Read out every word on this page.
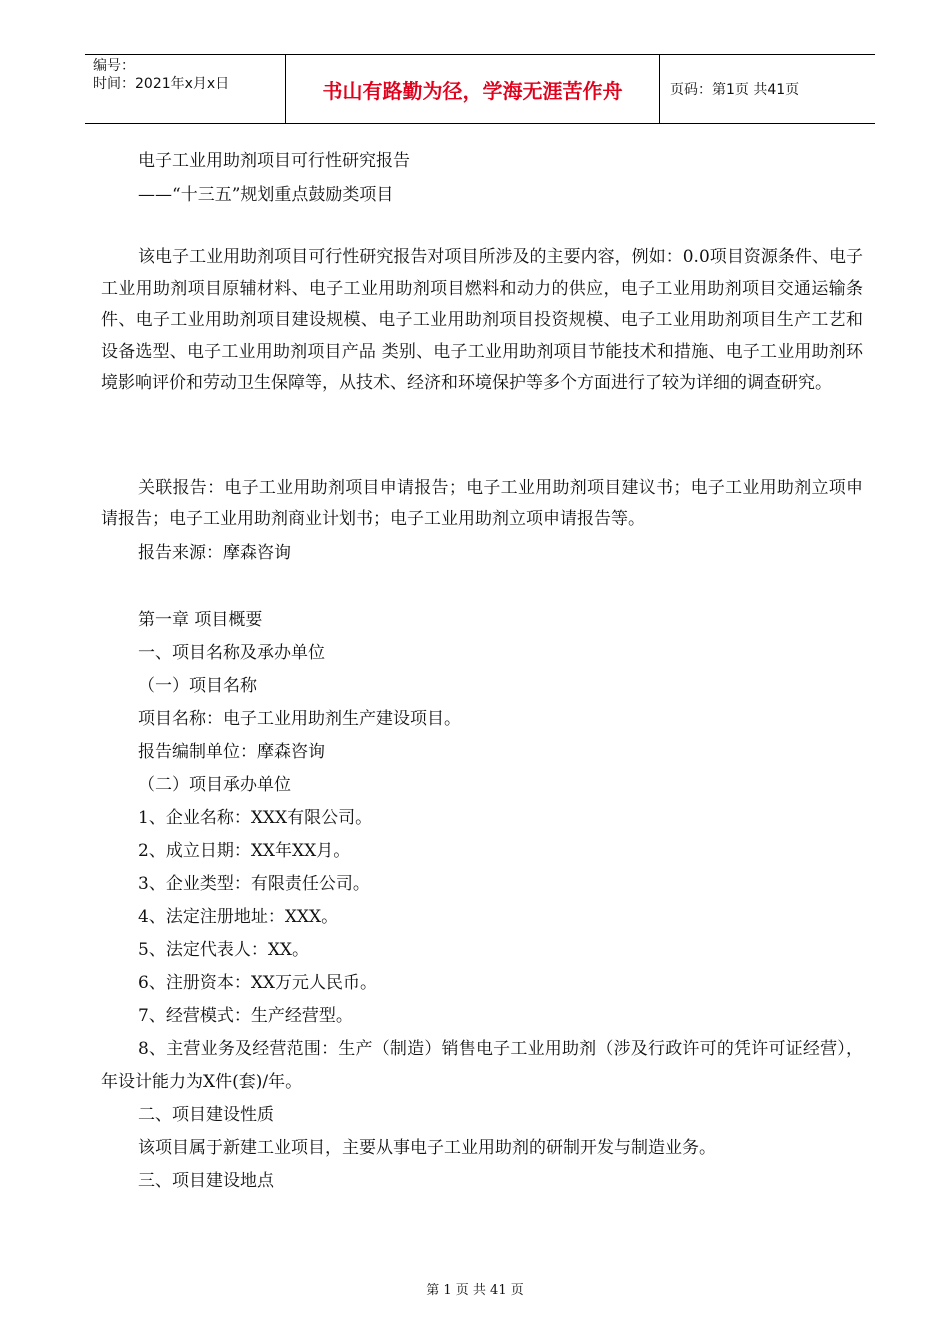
编号：
时间：2021年x月x日	书山有路勤为径，学海无涯苦作舟	页码：第1页 共41页

电子工业用助剂项目可行性研究报告

——“十三五”规划重点鼓励类项目

该电子工业用助剂项目可行性研究报告对项目所涉及的主要内容，例如：0.0项目资源条件、电子工业用助剂项目原辅材料、电子工业用助剂项目燃料和动力的供应，电子工业用助剂项目交通运输条件、电子工业用助剂项目建设规模、电子工业用助剂项目投资规模、电子工业用助剂项目生产工艺和设备选型、电子工业用助剂项目产品 类别、电子工业用助剂项目节能技术和措施、电子工业用助剂环境影响评价和劳动卫生保障等，从技术、经济和环境保护等多个方面进行了较为详细的调查研究。

关联报告：电子工业用助剂项目申请报告；电子工业用助剂项目建议书；电子工业用助剂立项申请报告；电子工业用助剂商业计划书；电子工业用助剂立项申请报告等。

报告来源：摩森咨询

第一章 项目概要

一、项目名称及承办单位

（一）项目名称

项目名称：电子工业用助剂生产建设项目。

报告编制单位：摩森咨询

（二）项目承办单位

1、企业名称：XXX有限公司。

2、成立日期：XX年XX月。

3、企业类型：有限责任公司。

4、法定注册地址：XXX。

5、法定代表人：XX。

6、注册资本：XX万元人民币。

7、经营模式：生产经营型。

8、主营业务及经营范围：生产（制造）销售电子工业用助剂（涉及行政许可的凭许可证经营），年设计能力为X件(套)/年。

二、项目建设性质

该项目属于新建工业项目，主要从事电子工业用助剂的研制开发与制造业务。

三、项目建设地点

第 1 页 共 41 页
